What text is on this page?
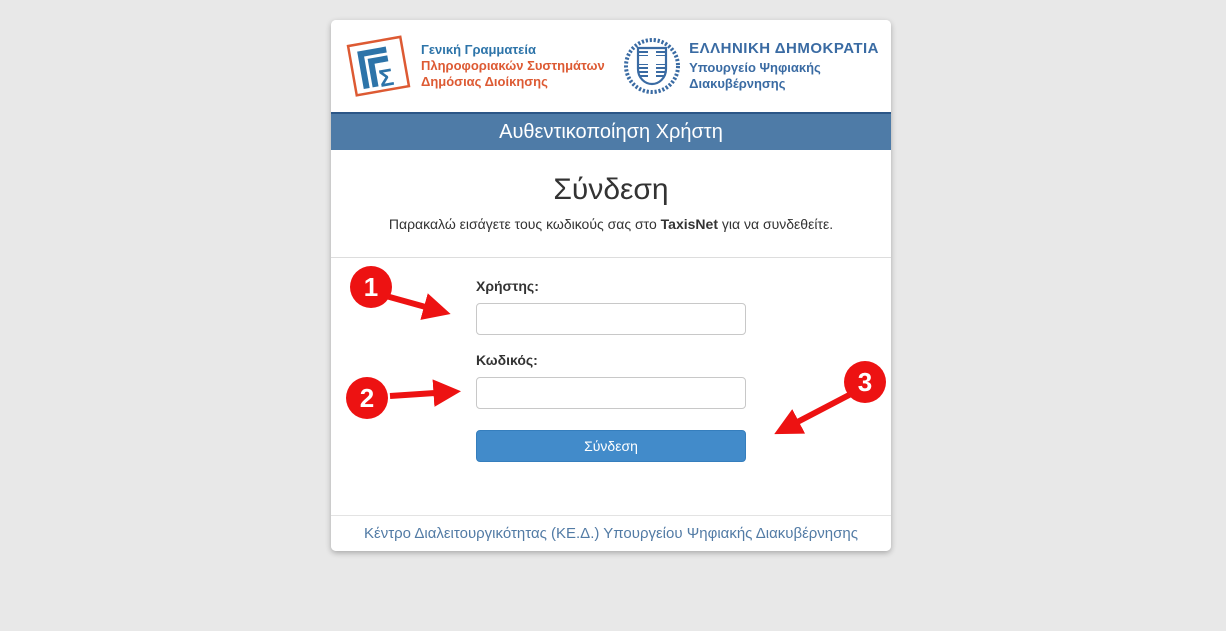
Σ
Γενική Γραμματεία
Πληροφοριακών Συστημάτων
Δημόσιας Διοίκησης
ΕΛΛΗΝΙΚΗ ΔΗΜΟΚΡΑΤΙΑ
Υπουργείο Ψηφιακής
Διακυβέρνησης
Αυθεντικοποίηση Χρήστη
Σύνδεση

Παρακαλώ εισάγετε τους κωδικούς σας στο TaxisNet για να συνδεθείτε.

Χρήστης:
Κωδικός:
Σύνδεση
Κέντρο Διαλειτουργικότητας (ΚΕ.Δ.) Υπουργείου Ψηφιακής Διακυβέρνησης
1
2
3
